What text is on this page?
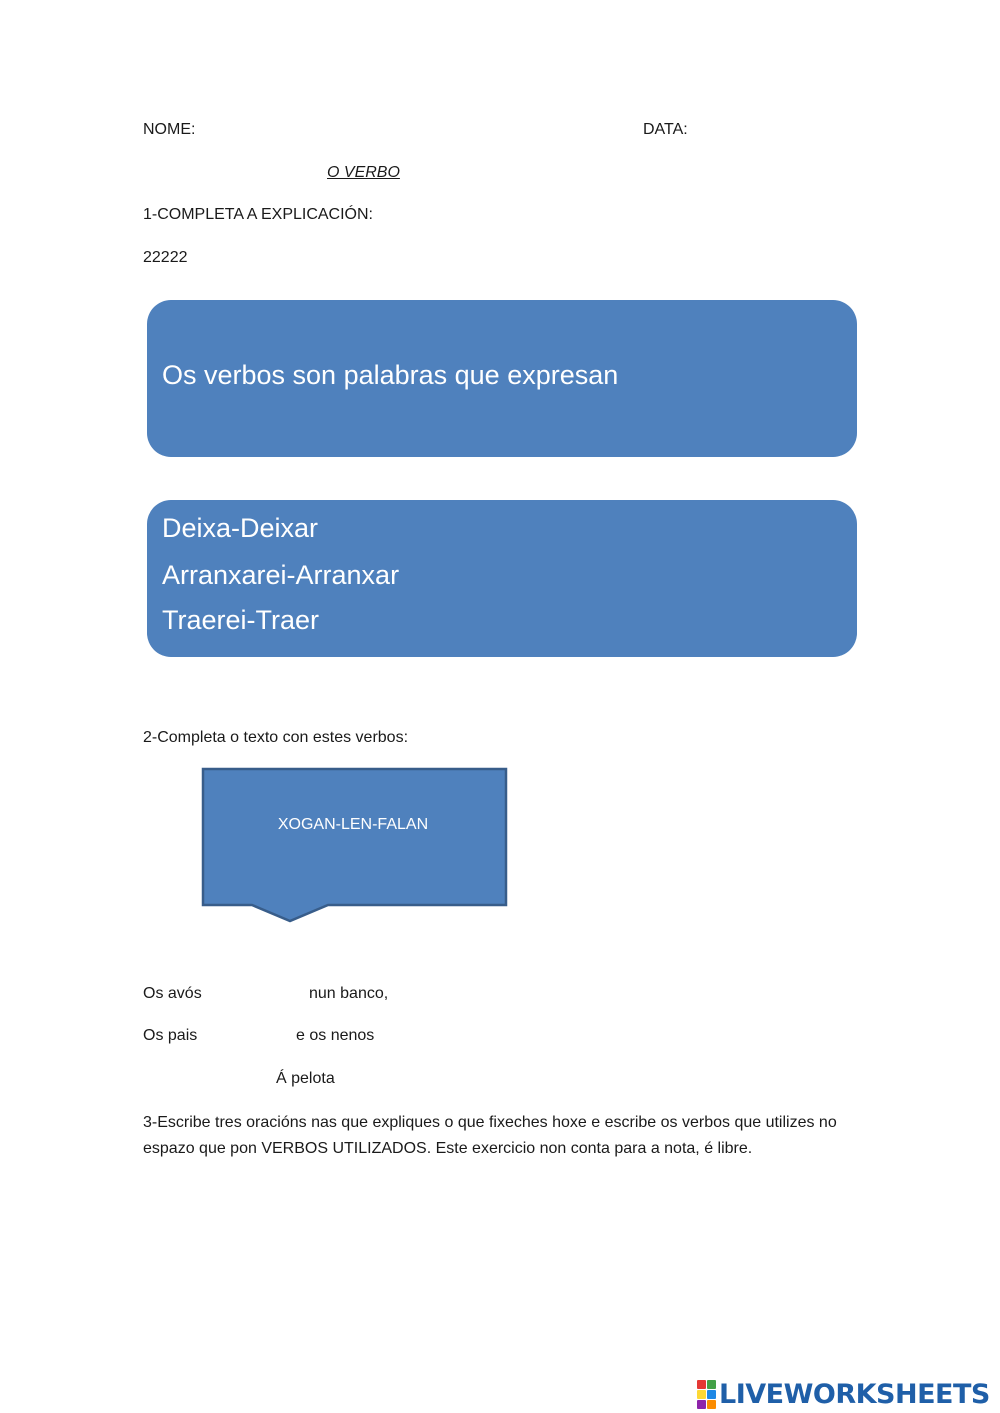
NOME:	DATA:
O VERBO
1-COMPLETA A EXPLICACIÓN:
22222
Os verbos son palabras que expresan
Deixa-Deixar
Arranxarei-Arranxar
Traerei-Traer
2-Completa o texto con estes verbos:
XOGAN-LEN-FALAN
Os avós	nun banco,
Os pais	e os nenos
Á pelota
3-Escribe tres oracións nas que expliques o que fixeches hoxe e escribe os verbos que utilizes no espazo que pon VERBOS UTILIZADOS. Este exercicio non conta para a nota, é libre.
LIVEWORKSHEETS
